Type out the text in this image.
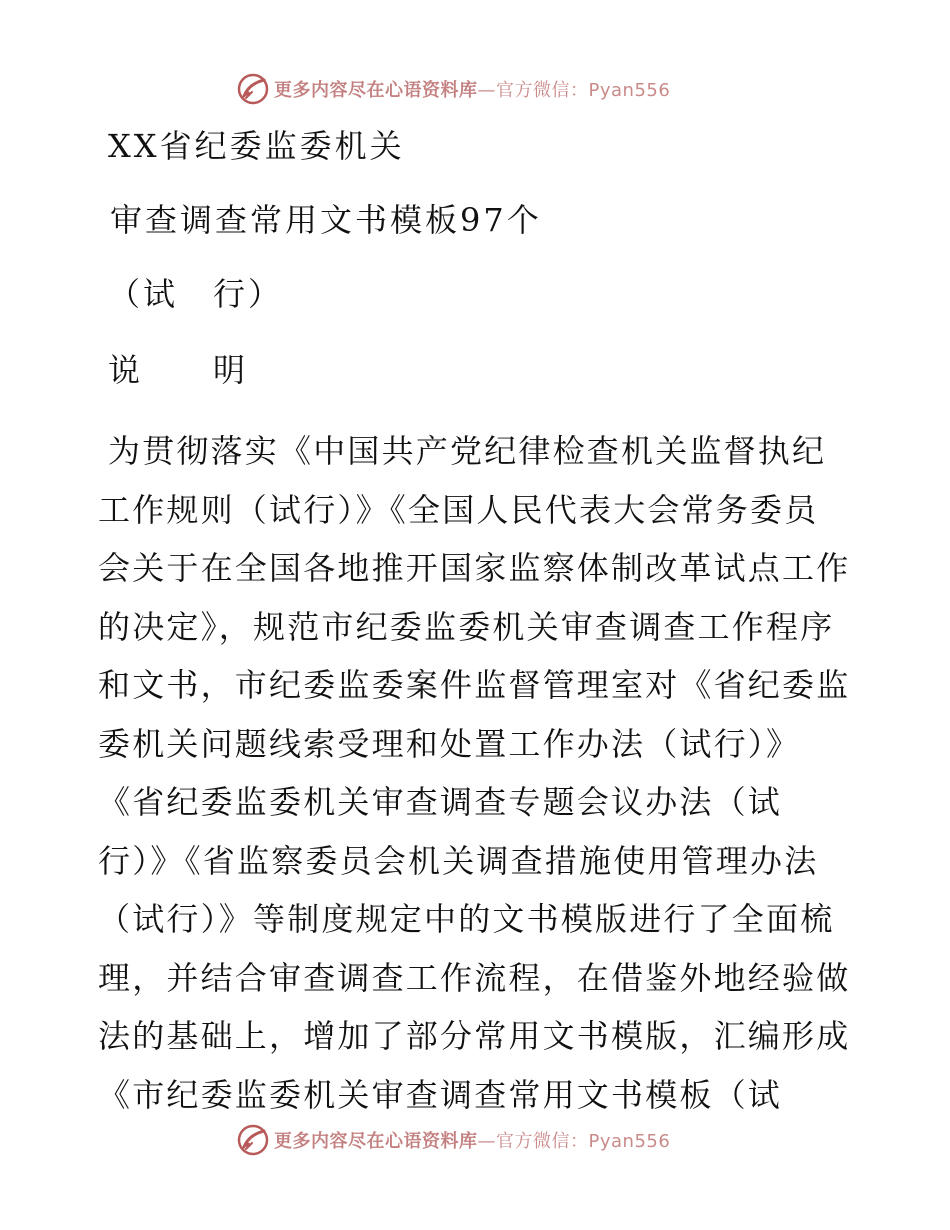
更多内容尽在心语资料库—官方微信：Pyan556
XX省纪委监委机关
审查调查常用文书模板97个
（试　行）
说　　明
为贯彻落实《中国共产党纪律检查机关监督执纪
工作规则（试行）》《全国人民代表大会常务委员
会关于在全国各地推开国家监察体制改革试点工作
的决定》，规范市纪委监委机关审查调查工作程序
和文书，市纪委监委案件监督管理室对《省纪委监
委机关问题线索受理和处置工作办法（试行）》
《省纪委监委机关审查调查专题会议办法（试
行）》《省监察委员会机关调查措施使用管理办法
（试行）》等制度规定中的文书模版进行了全面梳
理，并结合审查调查工作流程，在借鉴外地经验做
法的基础上，增加了部分常用文书模版，汇编形成
《市纪委监委机关审查调查常用文书模板（试
更多内容尽在心语资料库—官方微信：Pyan556
